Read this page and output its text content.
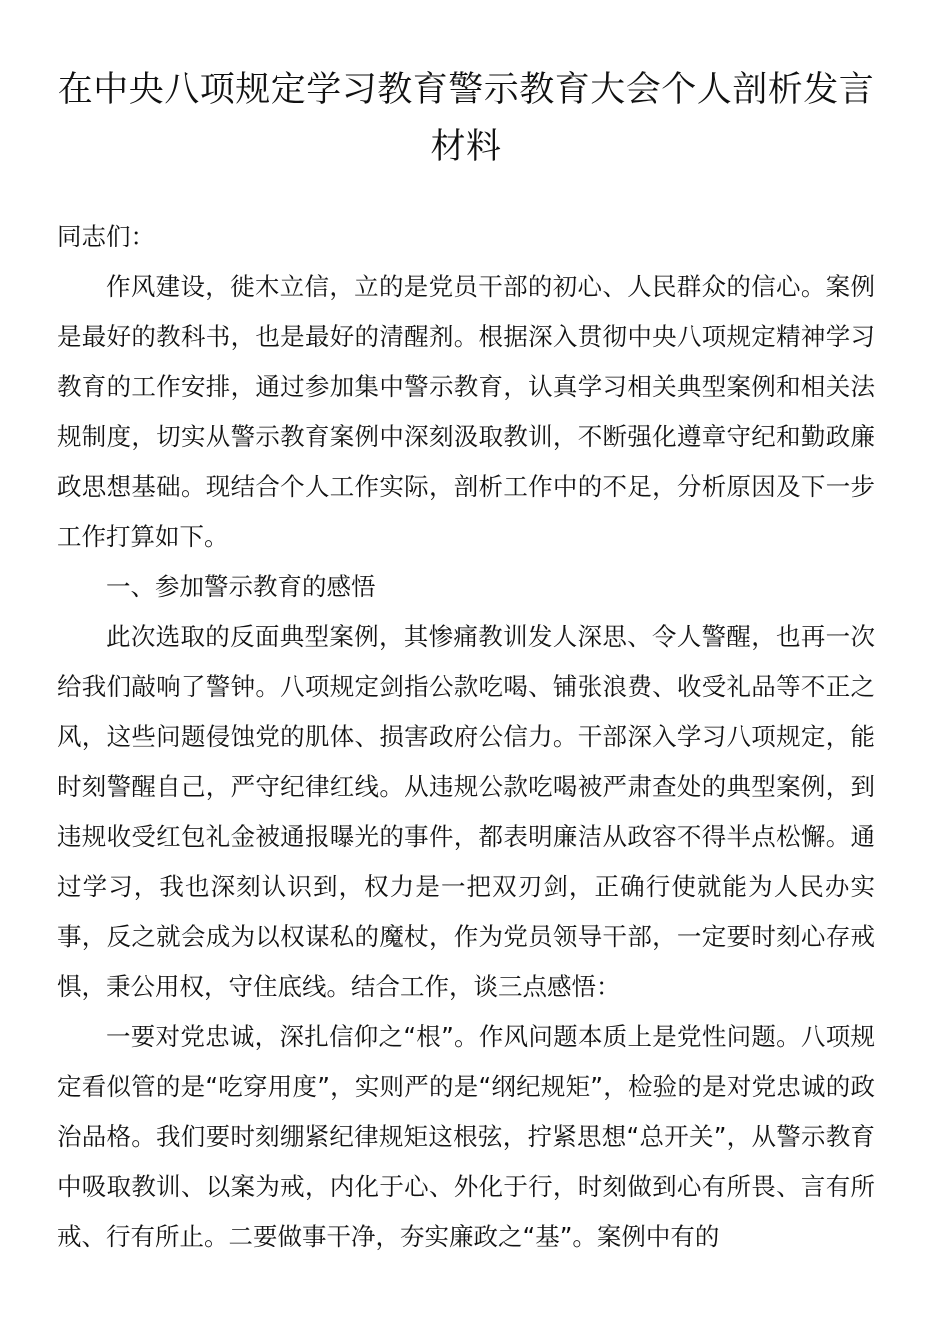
在中央八项规定学习教育警示教育大会个人剖析发言材料

同志们：

作风建设，徙木立信，立的是党员干部的初心、人民群众的信心。案例是最好的教科书，也是最好的清醒剂。根据深入贯彻中央八项规定精神学习教育的工作安排，通过参加集中警示教育，认真学习相关典型案例和相关法规制度，切实从警示教育案例中深刻汲取教训，不断强化遵章守纪和勤政廉政思想基础。现结合个人工作实际，剖析工作中的不足，分析原因及下一步工作打算如下。

一、参加警示教育的感悟

此次选取的反面典型案例，其惨痛教训发人深思、令人警醒，也再一次给我们敲响了警钟。八项规定剑指公款吃喝、铺张浪费、收受礼品等不正之风，这些问题侵蚀党的肌体、损害政府公信力。干部深入学习八项规定，能时刻警醒自己，严守纪律红线。从违规公款吃喝被严肃查处的典型案例，到违规收受红包礼金被通报曝光的事件，都表明廉洁从政容不得半点松懈。通过学习，我也深刻认识到，权力是一把双刃剑，正确行使就能为人民办实事，反之就会成为以权谋私的魔杖，作为党员领导干部，一定要时刻心存戒惧，秉公用权，守住底线。结合工作，谈三点感悟：

一要对党忠诚，深扎信仰之“根”。作风问题本质上是党性问题。八项规定看似管的是“吃穿用度”，实则严的是“纲纪规矩”，检验的是对党忠诚的政治品格。我们要时刻绷紧纪律规矩这根弦，拧紧思想“总开关”，从警示教育中吸取教训、以案为戒，内化于心、外化于行，时刻做到心有所畏、言有所戒、行有所止。二要做事干净，夯实廉政之“基”。案例中有的
